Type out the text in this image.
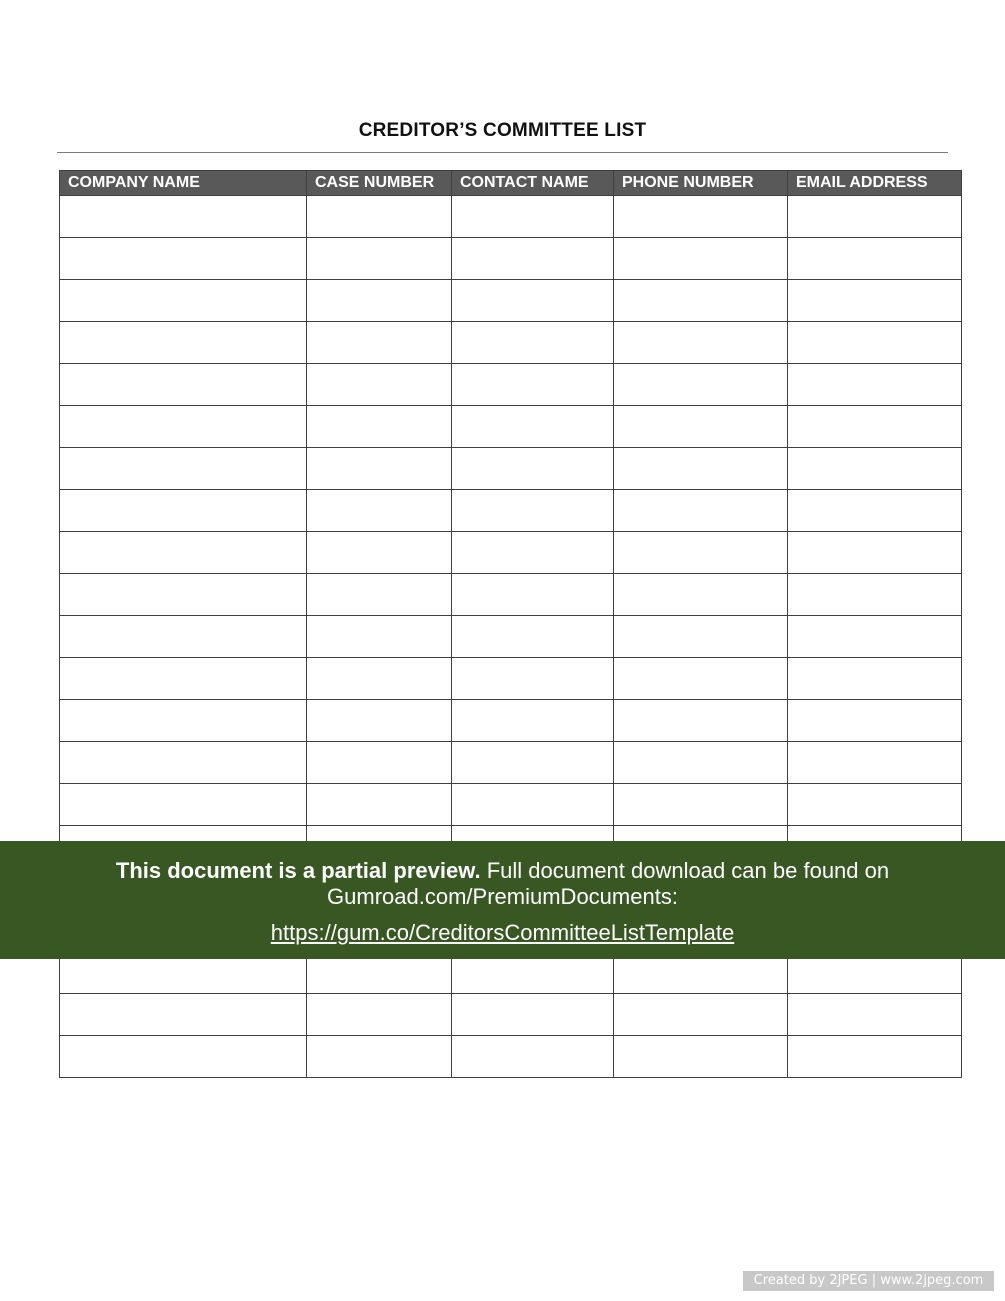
CREDITOR’S COMMITTEE LIST
COMPANY NAME	CASE NUMBER	CONTACT NAME	PHONE NUMBER	EMAIL ADDRESS

This document is a partial preview. Full document download can be found on
Gumroad.com/PremiumDocuments:
https://gum.co/CreditorsCommitteeListTemplate
Created by 2JPEG | www.2jpeg.com
